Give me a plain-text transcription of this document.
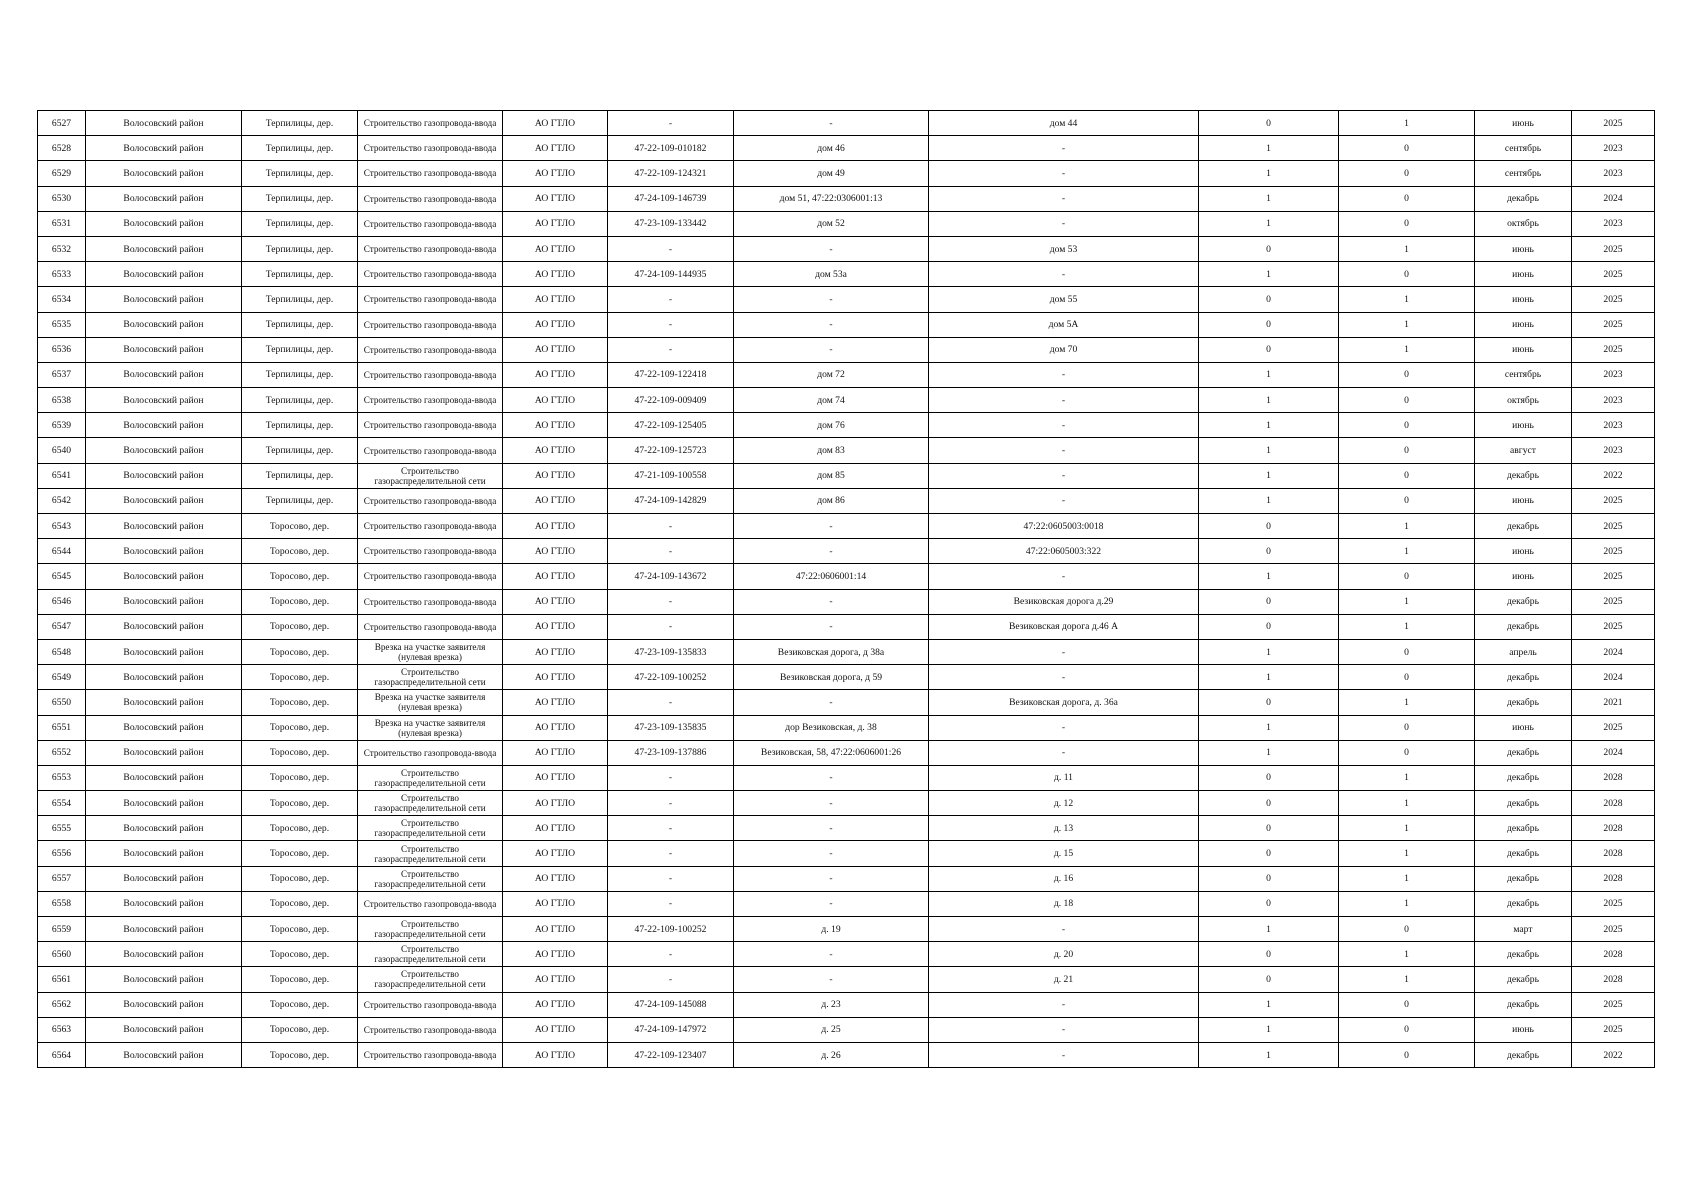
6527	Волосовский район	Терпилицы, дер.	Строительство газопровода-ввода	АО ГТЛО	-	-	дом 44	0	1	июнь	2025
6528	Волосовский район	Терпилицы, дер.	Строительство газопровода-ввода	АО ГТЛО	47-22-109-010182	дом 46	-	1	0	сентябрь	2023
6529	Волосовский район	Терпилицы, дер.	Строительство газопровода-ввода	АО ГТЛО	47-22-109-124321	дом 49	-	1	0	сентябрь	2023
6530	Волосовский район	Терпилицы, дер.	Строительство газопровода-ввода	АО ГТЛО	47-24-109-146739	дом 51, 47:22:0306001:13	-	1	0	декабрь	2024
6531	Волосовский район	Терпилицы, дер.	Строительство газопровода-ввода	АО ГТЛО	47-23-109-133442	дом 52	-	1	0	октябрь	2023
6532	Волосовский район	Терпилицы, дер.	Строительство газопровода-ввода	АО ГТЛО	-	-	дом 53	0	1	июнь	2025
6533	Волосовский район	Терпилицы, дер.	Строительство газопровода-ввода	АО ГТЛО	47-24-109-144935	дом 53а	-	1	0	июнь	2025
6534	Волосовский район	Терпилицы, дер.	Строительство газопровода-ввода	АО ГТЛО	-	-	дом 55	0	1	июнь	2025
6535	Волосовский район	Терпилицы, дер.	Строительство газопровода-ввода	АО ГТЛО	-	-	дом 5А	0	1	июнь	2025
6536	Волосовский район	Терпилицы, дер.	Строительство газопровода-ввода	АО ГТЛО	-	-	дом 70	0	1	июнь	2025
6537	Волосовский район	Терпилицы, дер.	Строительство газопровода-ввода	АО ГТЛО	47-22-109-122418	дом 72	-	1	0	сентябрь	2023
6538	Волосовский район	Терпилицы, дер.	Строительство газопровода-ввода	АО ГТЛО	47-22-109-009409	дом 74	-	1	0	октябрь	2023
6539	Волосовский район	Терпилицы, дер.	Строительство газопровода-ввода	АО ГТЛО	47-22-109-125405	дом 76	-	1	0	июнь	2023
6540	Волосовский район	Терпилицы, дер.	Строительство газопровода-ввода	АО ГТЛО	47-22-109-125723	дом 83	-	1	0	август	2023
6541	Волосовский район	Терпилицы, дер.	Строительство газораспределительной сети	АО ГТЛО	47-21-109-100558	дом 85	-	1	0	декабрь	2022
6542	Волосовский район	Терпилицы, дер.	Строительство газопровода-ввода	АО ГТЛО	47-24-109-142829	дом 86	-	1	0	июнь	2025
6543	Волосовский район	Торосово, дер.	Строительство газопровода-ввода	АО ГТЛО	-	-	47:22:0605003:0018	0	1	декабрь	2025
6544	Волосовский район	Торосово, дер.	Строительство газопровода-ввода	АО ГТЛО	-	-	47:22:0605003:322	0	1	июнь	2025
6545	Волосовский район	Торосово, дер.	Строительство газопровода-ввода	АО ГТЛО	47-24-109-143672	47:22:0606001:14	-	1	0	июнь	2025
6546	Волосовский район	Торосово, дер.	Строительство газопровода-ввода	АО ГТЛО	-	-	Везиковская дорога д.29	0	1	декабрь	2025
6547	Волосовский район	Торосово, дер.	Строительство газопровода-ввода	АО ГТЛО	-	-	Везиковская дорога д.46 А	0	1	декабрь	2025
6548	Волосовский район	Торосово, дер.	Врезка на участке заявителя (нулевая врезка)	АО ГТЛО	47-23-109-135833	Везиковская дорога, д 38а	-	1	0	апрель	2024
6549	Волосовский район	Торосово, дер.	Строительство газораспределительной сети	АО ГТЛО	47-22-109-100252	Везиковская дорога, д 59	-	1	0	декабрь	2024
6550	Волосовский район	Торосово, дер.	Врезка на участке заявителя (нулевая врезка)	АО ГТЛО	-	-	Везиковская дорога, д. 36а	0	1	декабрь	2021
6551	Волосовский район	Торосово, дер.	Врезка на участке заявителя (нулевая врезка)	АО ГТЛО	47-23-109-135835	дор Везиковская, д. 38	-	1	0	июнь	2025
6552	Волосовский район	Торосово, дер.	Строительство газопровода-ввода	АО ГТЛО	47-23-109-137886	Везиковская, 58, 47:22:0606001:26	-	1	0	декабрь	2024
6553	Волосовский район	Торосово, дер.	Строительство газораспределительной сети	АО ГТЛО	-	-	д. 11	0	1	декабрь	2028
6554	Волосовский район	Торосово, дер.	Строительство газораспределительной сети	АО ГТЛО	-	-	д. 12	0	1	декабрь	2028
6555	Волосовский район	Торосово, дер.	Строительство газораспределительной сети	АО ГТЛО	-	-	д. 13	0	1	декабрь	2028
6556	Волосовский район	Торосово, дер.	Строительство газораспределительной сети	АО ГТЛО	-	-	д. 15	0	1	декабрь	2028
6557	Волосовский район	Торосово, дер.	Строительство газораспределительной сети	АО ГТЛО	-	-	д. 16	0	1	декабрь	2028
6558	Волосовский район	Торосово, дер.	Строительство газопровода-ввода	АО ГТЛО	-	-	д. 18	0	1	декабрь	2025
6559	Волосовский район	Торосово, дер.	Строительство газораспределительной сети	АО ГТЛО	47-22-109-100252	д. 19	-	1	0	март	2025
6560	Волосовский район	Торосово, дер.	Строительство газораспределительной сети	АО ГТЛО	-	-	д. 20	0	1	декабрь	2028
6561	Волосовский район	Торосово, дер.	Строительство газораспределительной сети	АО ГТЛО	-	-	д. 21	0	1	декабрь	2028
6562	Волосовский район	Торосово, дер.	Строительство газопровода-ввода	АО ГТЛО	47-24-109-145088	д. 23	-	1	0	декабрь	2025
6563	Волосовский район	Торосово, дер.	Строительство газопровода-ввода	АО ГТЛО	47-24-109-147972	д. 25	-	1	0	июнь	2025
6564	Волосовский район	Торосово, дер.	Строительство газопровода-ввода	АО ГТЛО	47-22-109-123407	д. 26	-	1	0	декабрь	2022
